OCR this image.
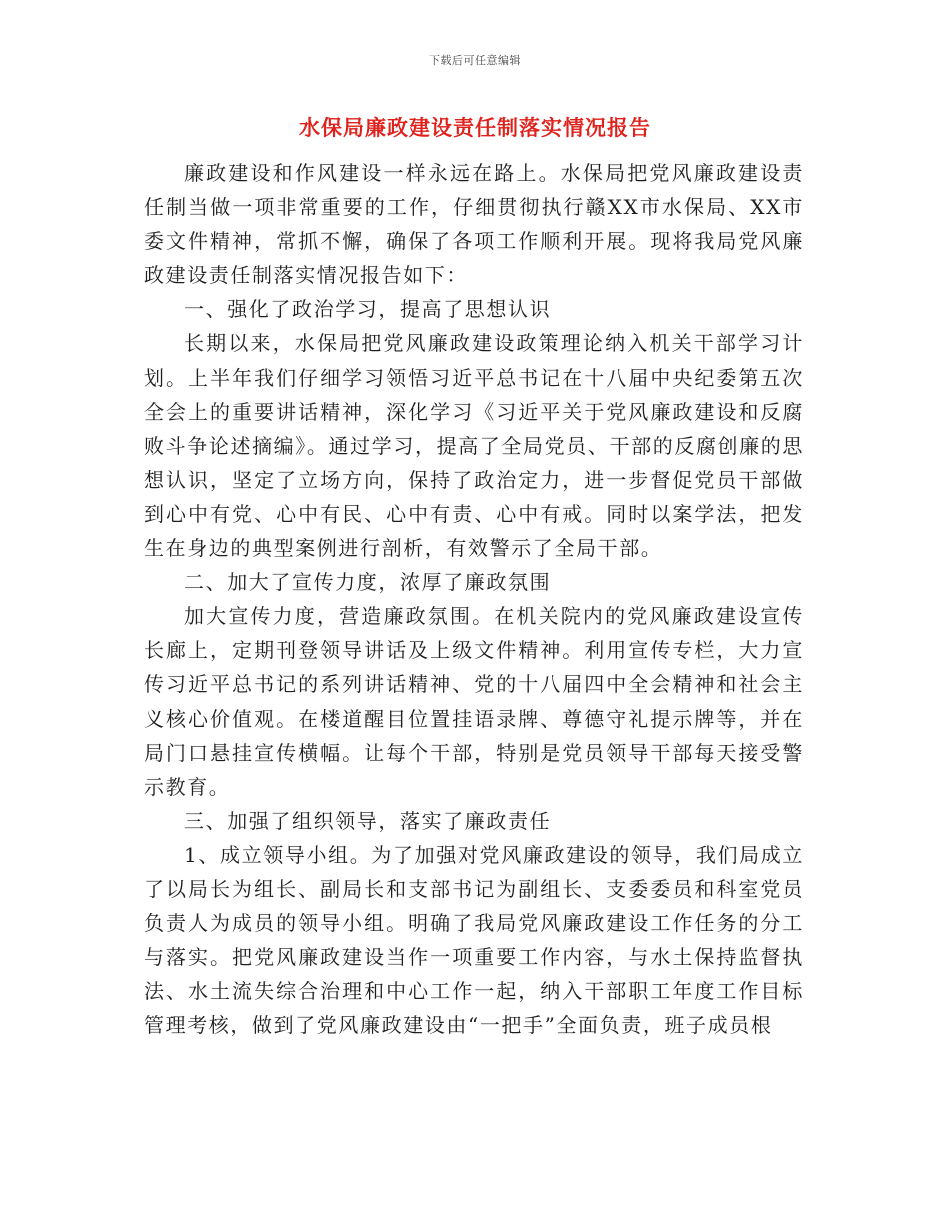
下载后可任意编辑
水保局廉政建设责任制落实情况报告

廉政建设和作风建设一样永远在路上。水保局把党风廉政建设责任制当做一项非常重要的工作，仔细贯彻执行赣XX市水保局、XX市委文件精神，常抓不懈，确保了各项工作顺利开展。现将我局党风廉政建设责任制落实情况报告如下：

一、强化了政治学习，提高了思想认识

长期以来，水保局把党风廉政建设政策理论纳入机关干部学习计划。上半年我们仔细学习领悟习近平总书记在十八届中央纪委第五次全会上的重要讲话精神，深化学习《习近平关于党风廉政建设和反腐败斗争论述摘编》。通过学习，提高了全局党员、干部的反腐创廉的思想认识，坚定了立场方向，保持了政治定力，进一步督促党员干部做到心中有党、心中有民、心中有责、心中有戒。同时以案学法，把发生在身边的典型案例进行剖析，有效警示了全局干部。

二、加大了宣传力度，浓厚了廉政氛围

加大宣传力度，营造廉政氛围。在机关院内的党风廉政建设宣传长廊上，定期刊登领导讲话及上级文件精神。利用宣传专栏，大力宣传习近平总书记的系列讲话精神、党的十八届四中全会精神和社会主义核心价值观。在楼道醒目位置挂语录牌、尊德守礼提示牌等，并在局门口悬挂宣传横幅。让每个干部，特别是党员领导干部每天接受警示教育。

三、加强了组织领导，落实了廉政责任

1、成立领导小组。为了加强对党风廉政建设的领导，我们局成立了以局长为组长、副局长和支部书记为副组长、支委委员和科室党员负责人为成员的领导小组。明确了我局党风廉政建设工作任务的分工与落实。把党风廉政建设当作一项重要工作内容，与水土保持监督执法、水土流失综合治理和中心工作一起，纳入干部职工年度工作目标管理考核，做到了党风廉政建设由“一把手”全面负责，班子成员根
